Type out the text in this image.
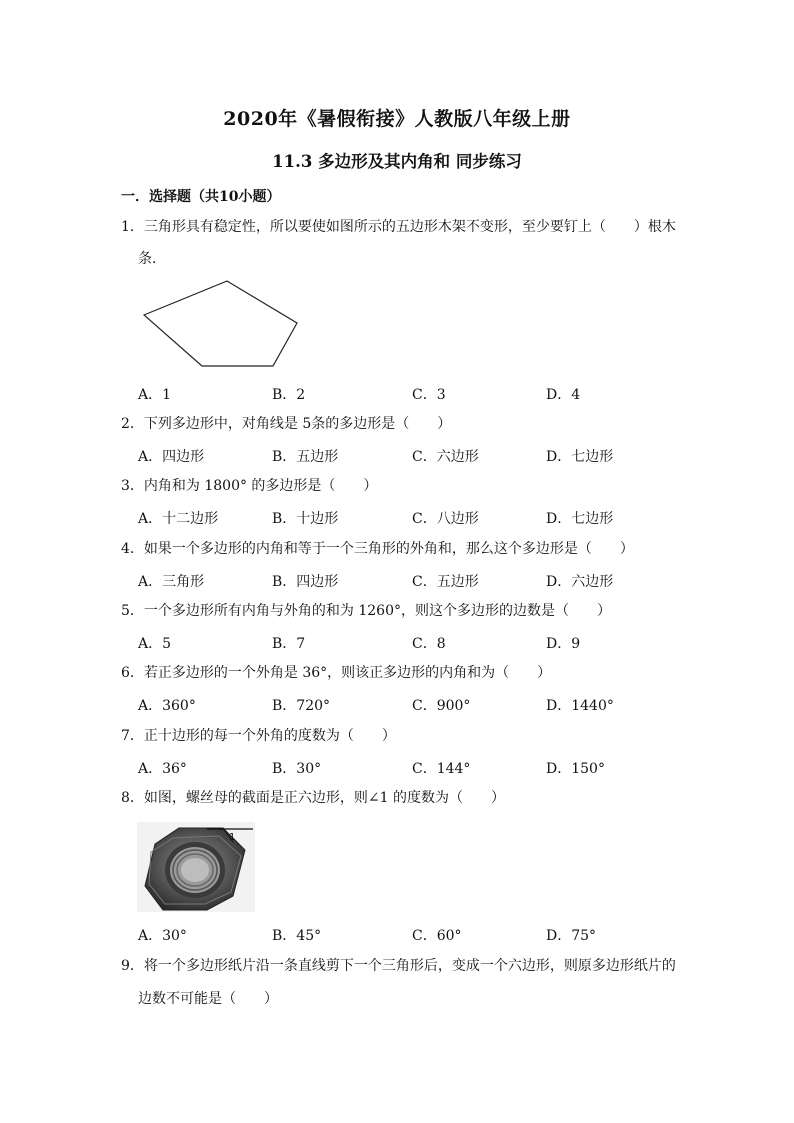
2020年《暑假衔接》人教版八年级上册
11.3 多边形及其内角和 同步练习
一．选择题（共10小题）
1．三角形具有稳定性，所以要使如图所示的五边形木架不变形，至少要钉上（　　）根木
条．
A．1	B．2	C．3	D．4
2．下列多边形中，对角线是 5条的多边形是（　　）
A．四边形	B．五边形	C．六边形	D．七边形
3．内角和为 1800° 的多边形是（　　）
A．十二边形	B．十边形	C．八边形	D．七边形
4．如果一个多边形的内角和等于一个三角形的外角和，那么这个多边形是（　　）
A．三角形	B．四边形	C．五边形	D．六边形
5．一个多边形所有内角与外角的和为 1260°，则这个多边形的边数是（　　）
A．5	B．7	C．8	D．9
6．若正多边形的一个外角是 36°，则该正多边形的内角和为（　　）
A．360°	B．720°	C．900°	D．1440°
7．正十边形的每一个外角的度数为（　　）
A．36°	B．30°	C．144°	D．150°
8．如图，螺丝母的截面是正六边形，则∠1 的度数为（　　）
1
A．30°	B．45°	C．60°	D．75°
9．将一个多边形纸片沿一条直线剪下一个三角形后，变成一个六边形，则原多边形纸片的
边数不可能是（　　）
